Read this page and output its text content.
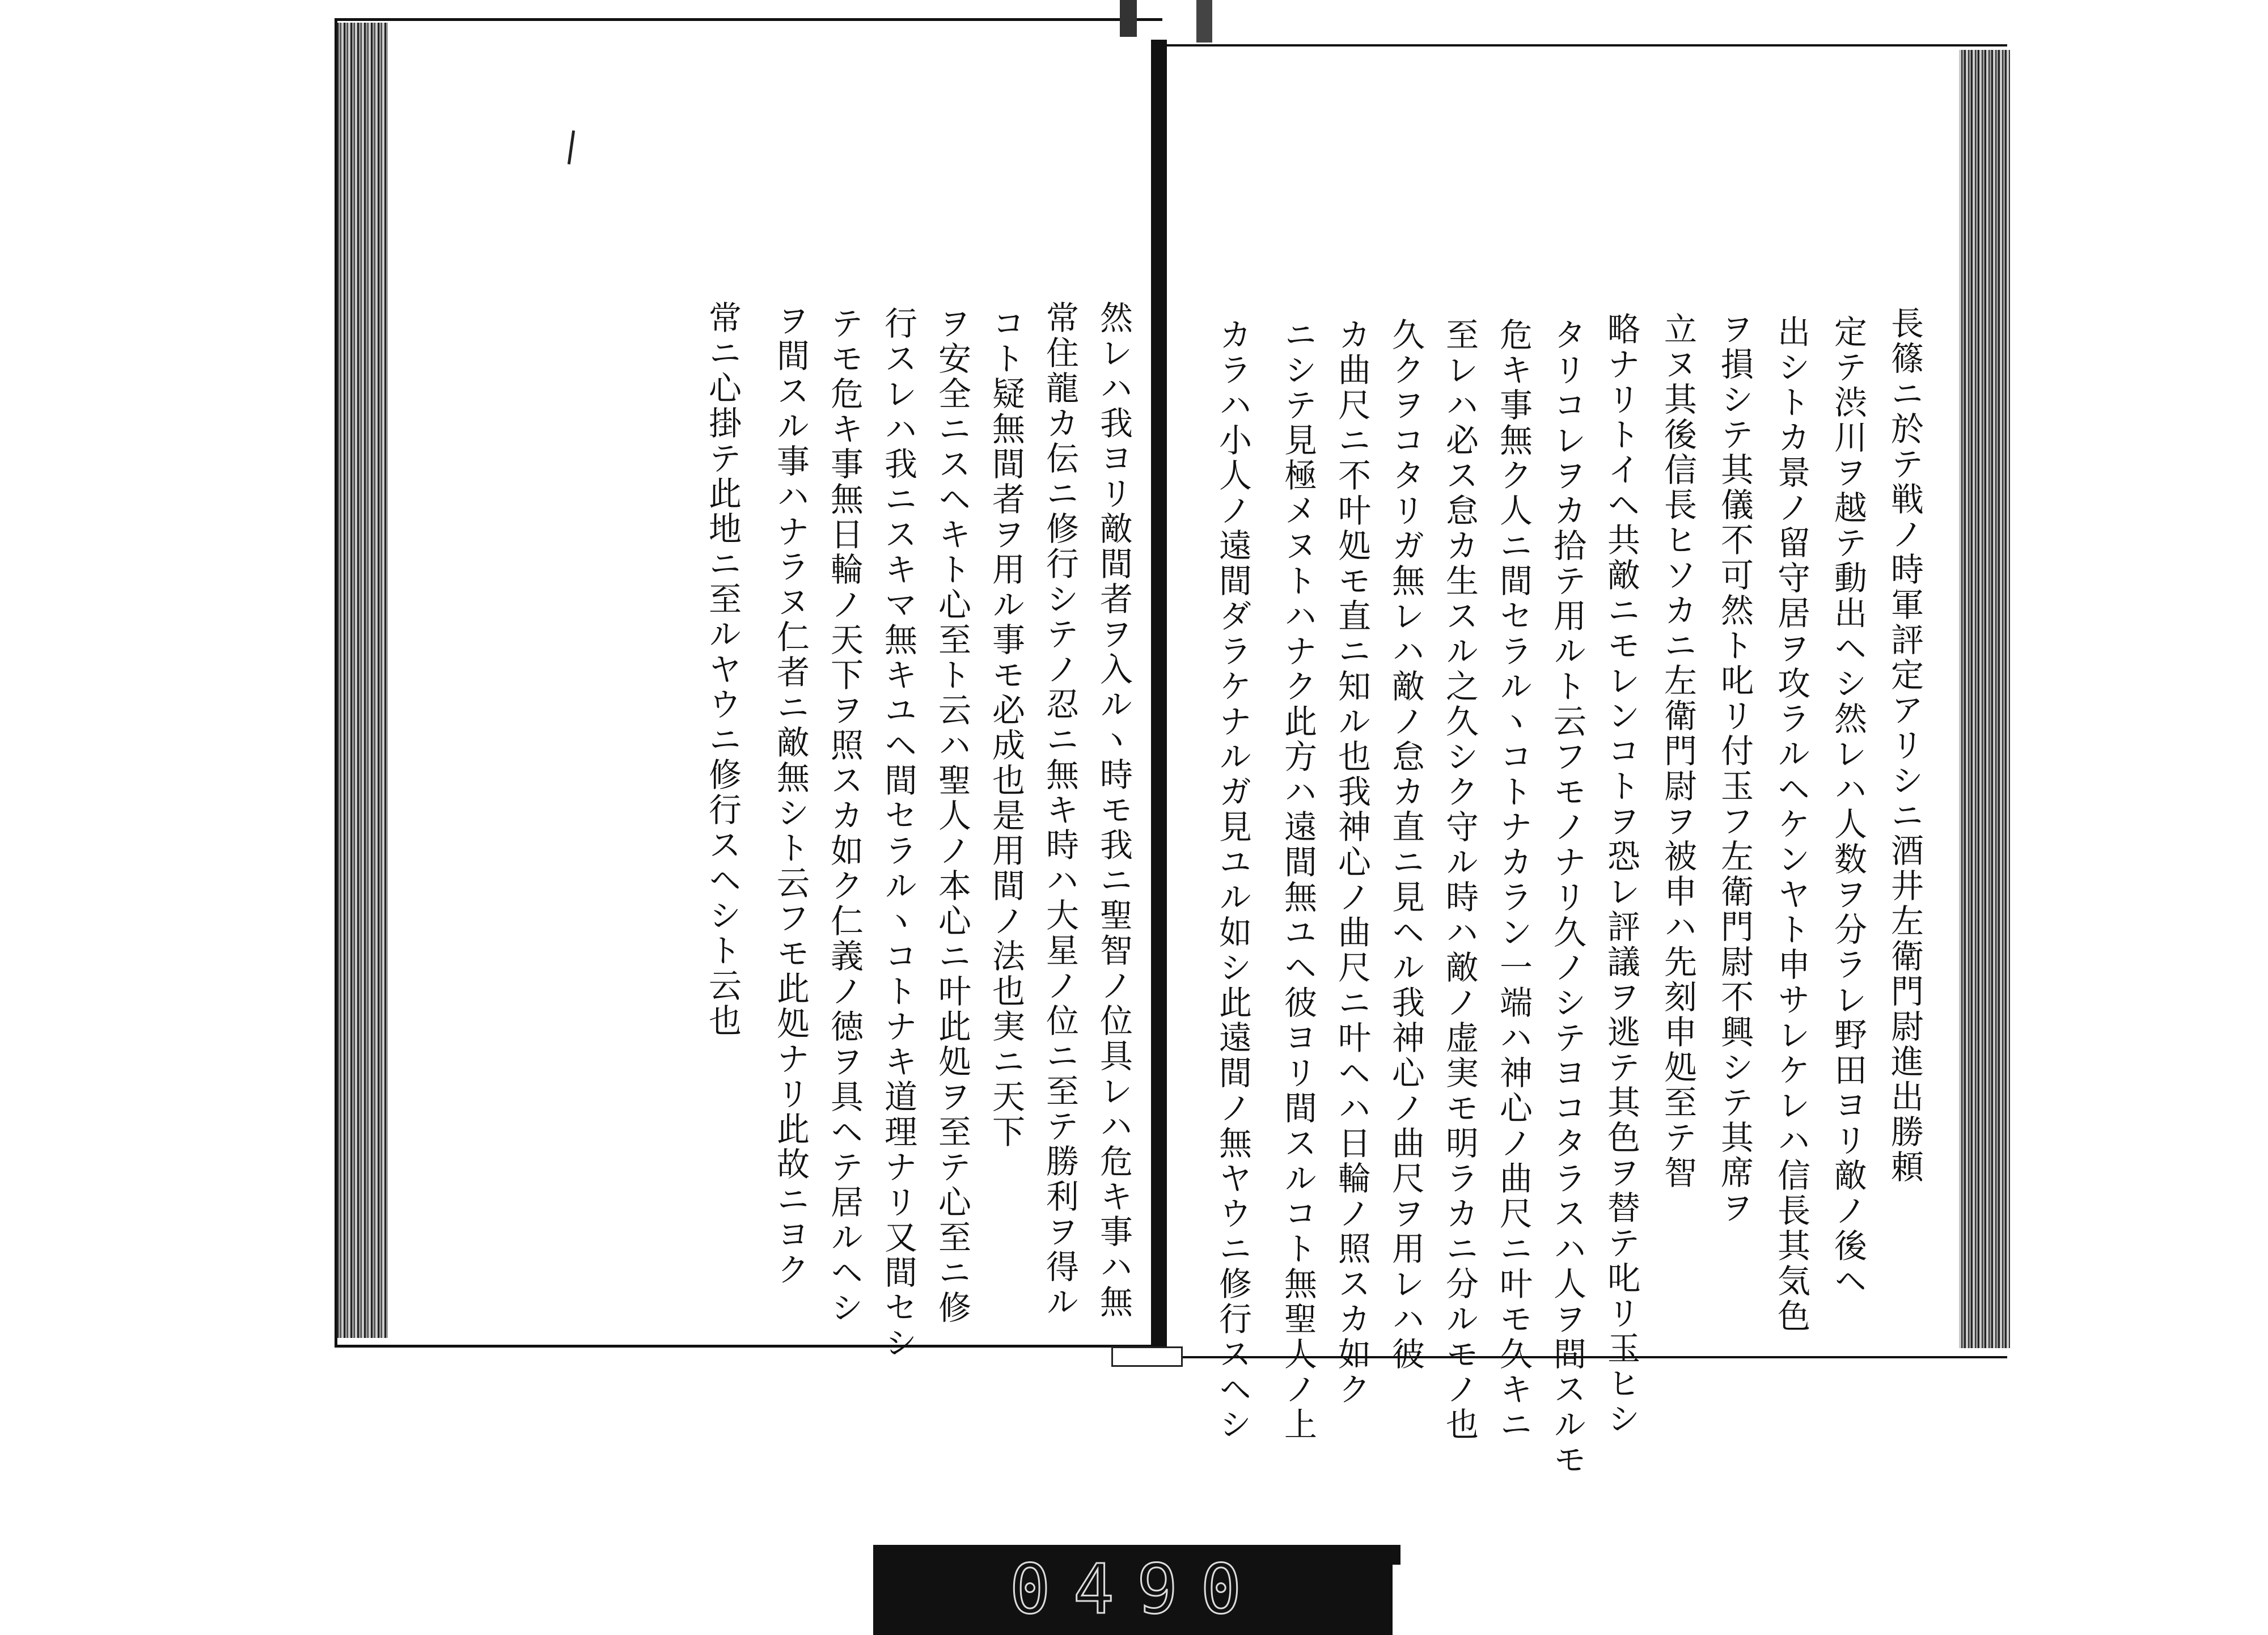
長篠ニ於テ戦ノ時軍評定アリシニ酒井左衛門尉進出勝頼
定テ渋川ヲ越テ動出ヘシ然レハ人数ヲ分ラレ野田ヨリ敵ノ後ヘ
出シトカ景ノ留守居ヲ攻ラルヘケンヤト申サレケレハ信長其気色
ヲ損シテ其儀不可然ト叱リ付玉フ左衛門尉不興シテ其席ヲ
立ヌ其後信長ヒソカニ左衛門尉ヲ被申ハ先刻申処至テ智
略ナリトイヘ共敵ニモレンコトヲ恐レ評議ヲ逃テ其色ヲ替テ叱リ玉ヒシ
タリコレヲカ拾テ用ルト云フモノナリ久ノシテヨコタラスハ人ヲ間スルモ
危キ事無ク人ニ間セラルヽコトナカラン一端ハ神心ノ曲尺ニ叶モ久キニ
至レハ必ス怠カ生スル之久シク守ル時ハ敵ノ虚実モ明ラカニ分ルモノ也
久クヲコタリガ無レハ敵ノ怠カ直ニ見ヘル我神心ノ曲尺ヲ用レハ彼
カ曲尺ニ不叶処モ直ニ知ル也我神心ノ曲尺ニ叶ヘハ日輪ノ照スカ如ク
ニシテ見極メヌトハナク此方ハ遠間無ユヘ彼ヨリ間スルコト無聖人ノ上
カラハ小人ノ遠間ダラケナルガ見ユル如シ此遠間ノ無ヤウニ修行スヘシ
然レハ我ヨリ敵間者ヲ入ルヽ時モ我ニ聖智ノ位具レハ危キ事ハ無
常住龍カ伝ニ修行シテノ忍ニ無キ時ハ大星ノ位ニ至テ勝利ヲ得ル
コト疑無間者ヲ用ル事モ必成也是用間ノ法也実ニ天下
ヲ安全ニスヘキト心至ト云ハ聖人ノ本心ニ叶此処ヲ至テ心至ニ修
行スレハ我ニスキマ無キユヘ間セラルヽコトナキ道理ナリ又間セシ
テモ危キ事無日輪ノ天下ヲ照スカ如ク仁義ノ徳ヲ具ヘテ居ルヘシ
ヲ間スル事ハナラヌ仁者ニ敵無シト云フモ此処ナリ此故ニヨク
常ニ心掛テ此地ニ至ルヤウニ修行スヘシト云也
0490
